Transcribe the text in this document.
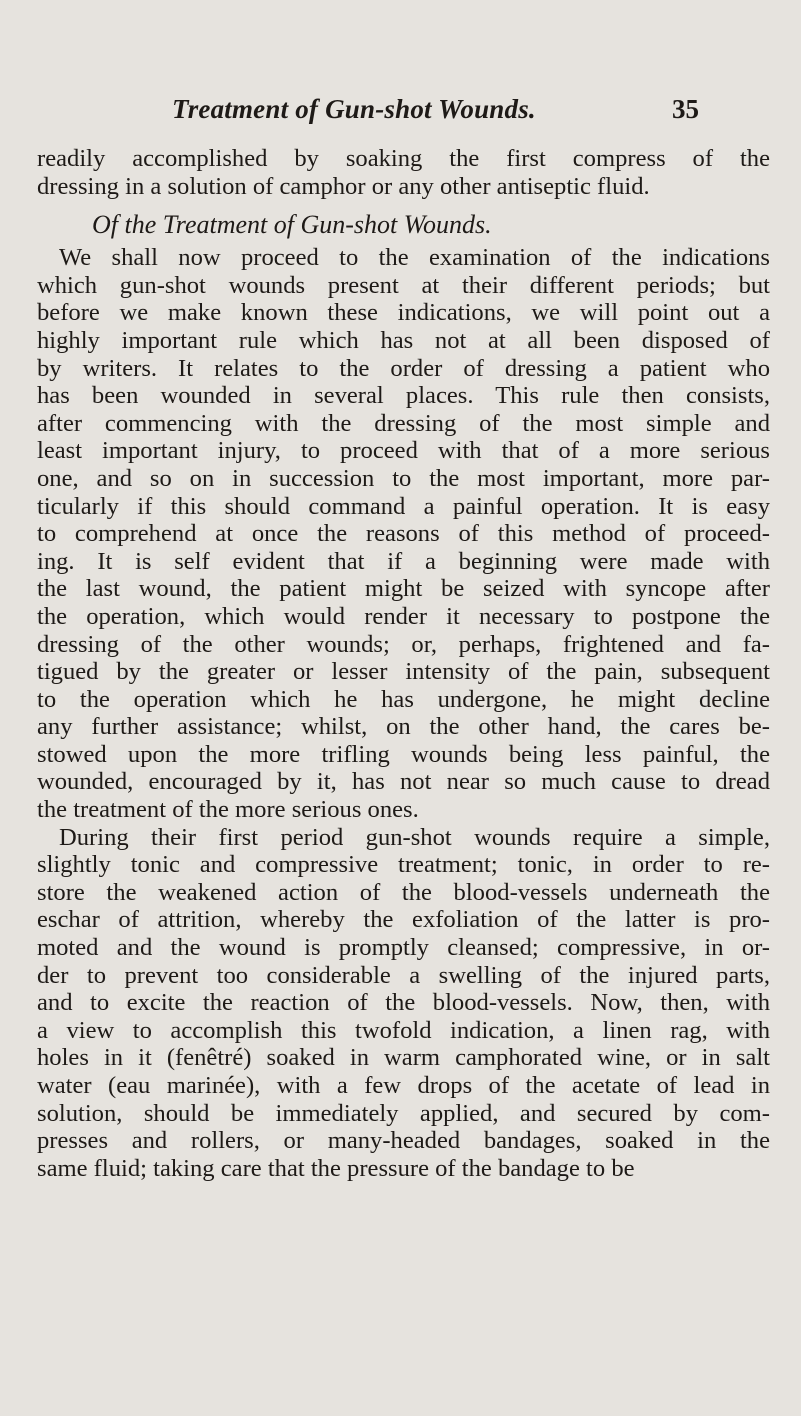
Treatment of Gun-shot Wounds.	35
readily accomplished by soaking the first compress of the
dressing in a solution of camphor or any other antiseptic fluid.
Of the Treatment of Gun-shot Wounds.
We shall now proceed to the examination of the indications
which gun-shot wounds present at their different periods; but
before we make known these indications, we will point out a
highly important rule which has not at all been disposed of
by writers. It relates to the order of dressing a patient who
has been wounded in several places. This rule then consists,
after commencing with the dressing of the most simple and
least important injury, to proceed with that of a more serious
one, and so on in succession to the most important, more par-
ticularly if this should command a painful operation. It is easy
to comprehend at once the reasons of this method of proceed-
ing. It is self evident that if a beginning were made with
the last wound, the patient might be seized with syncope after
the operation, which would render it necessary to postpone the
dressing of the other wounds; or, perhaps, frightened and fa-
tigued by the greater or lesser intensity of the pain, subsequent
to the operation which he has undergone, he might decline
any further assistance; whilst, on the other hand, the cares be-
stowed upon the more trifling wounds being less painful, the
wounded, encouraged by it, has not near so much cause to dread
the treatment of the more serious ones.
During their first period gun-shot wounds require a simple,
slightly tonic and compressive treatment; tonic, in order to re-
store the weakened action of the blood-vessels underneath the
eschar of attrition, whereby the exfoliation of the latter is pro-
moted and the wound is promptly cleansed; compressive, in or-
der to prevent too considerable a swelling of the injured parts,
and to excite the reaction of the blood-vessels. Now, then, with
a view to accomplish this twofold indication, a linen rag, with
holes in it (fenêtré) soaked in warm camphorated wine, or in salt
water (eau marinée), with a few drops of the acetate of lead in
solution, should be immediately applied, and secured by com-
presses and rollers, or many-headed bandages, soaked in the
same fluid; taking care that the pressure of the bandage to be
